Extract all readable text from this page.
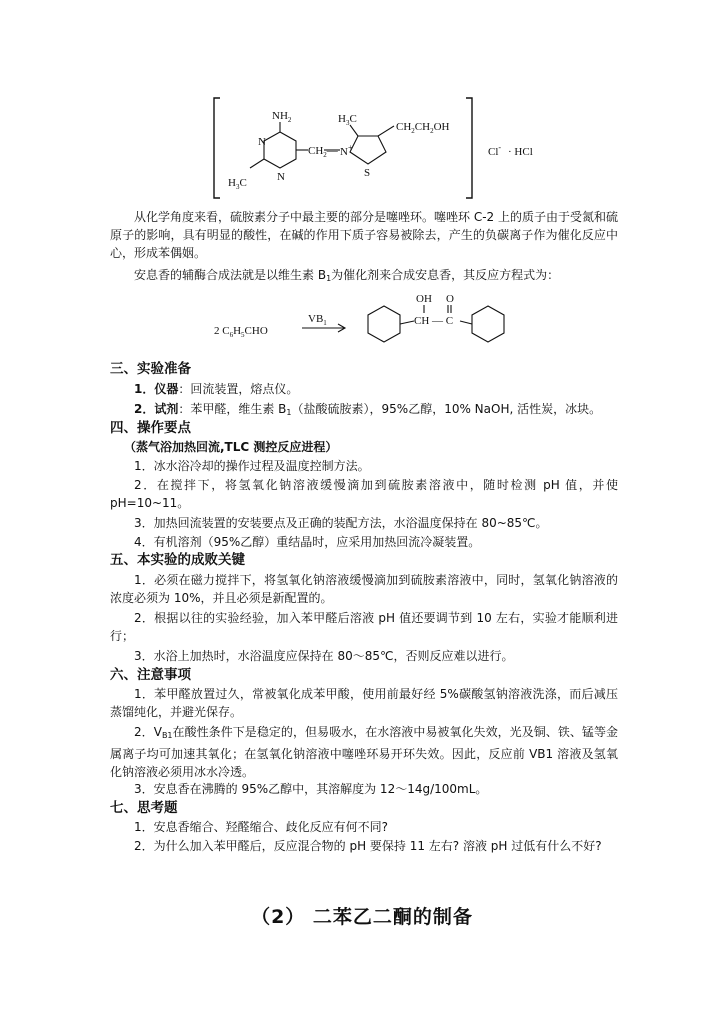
$NH_2$
N
N
$H_3C$
$CH_2—$ N+
$H_3C$
S
$CH_2CH_2OH$
Cl- · HCl
从化学角度来看，硫胺素分子中最主要的部分是噻唑环。噻唑环 C-2 上的质子由于受氮和硫原子的影响，具有明显的酸性，在碱的作用下质子容易被除去，产生的负碳离子作为催化反应中心，形成苯偶姻。
安息香的辅酶合成法就是以维生素 $B_1$为催化剂来合成安息香，其反应方程式为：
2 $C_6H_5CHO$
$VB_1$
OH O
CH — C
三、实验准备
1．仪器：回流装置，熔点仪。
2．试剂：苯甲醛，维生素 $B_1$（盐酸硫胺素），95%乙醇，10% NaOH, 活性炭，冰块。
四、操作要点
（蒸气浴加热回流,TLC 测控反应进程）
1．冰水浴冷却的操作过程及温度控制方法。
2．在搅拌下，将氢氧化钠溶液缓慢滴加到硫胺素溶液中，随时检测 pH 值，并使pH=10~11。
3．加热回流装置的安装要点及正确的装配方法，水浴温度保持在 80~85℃。
4．有机溶剂（95%乙醇）重结晶时，应采用加热回流冷凝装置。
五、本实验的成败关键
1．必须在磁力搅拌下，将氢氧化钠溶液缓慢滴加到硫胺素溶液中，同时，氢氧化钠溶液的浓度必须为 10%，并且必须是新配置的。
2．根据以往的实验经验，加入苯甲醛后溶液 pH 值还要调节到 10 左右，实验才能顺利进行；
3．水浴上加热时，水浴温度应保持在 80～85℃，否则反应难以进行。
六、注意事项
1．苯甲醛放置过久，常被氧化成苯甲酸，使用前最好经 5%碳酸氢钠溶液洗涤，而后减压蒸馏纯化，并避光保存。
2．$V_{B1}$在酸性条件下是稳定的，但易吸水，在水溶液中易被氧化失效，光及铜、铁、锰等金属离子均可加速其氧化；在氢氧化钠溶液中噻唑环易开环失效。因此，反应前 VB1 溶液及氢氧化钠溶液必须用冰水冷透。
3．安息香在沸腾的 95%乙醇中，其溶解度为 12～14g/100mL。
七、思考题
1．安息香缩合、羟醛缩合、歧化反应有何不同?
2．为什么加入苯甲醛后，反应混合物的 pH 要保持 11 左右? 溶液 pH 过低有什么不好?
（2） 二苯乙二酮的制备
